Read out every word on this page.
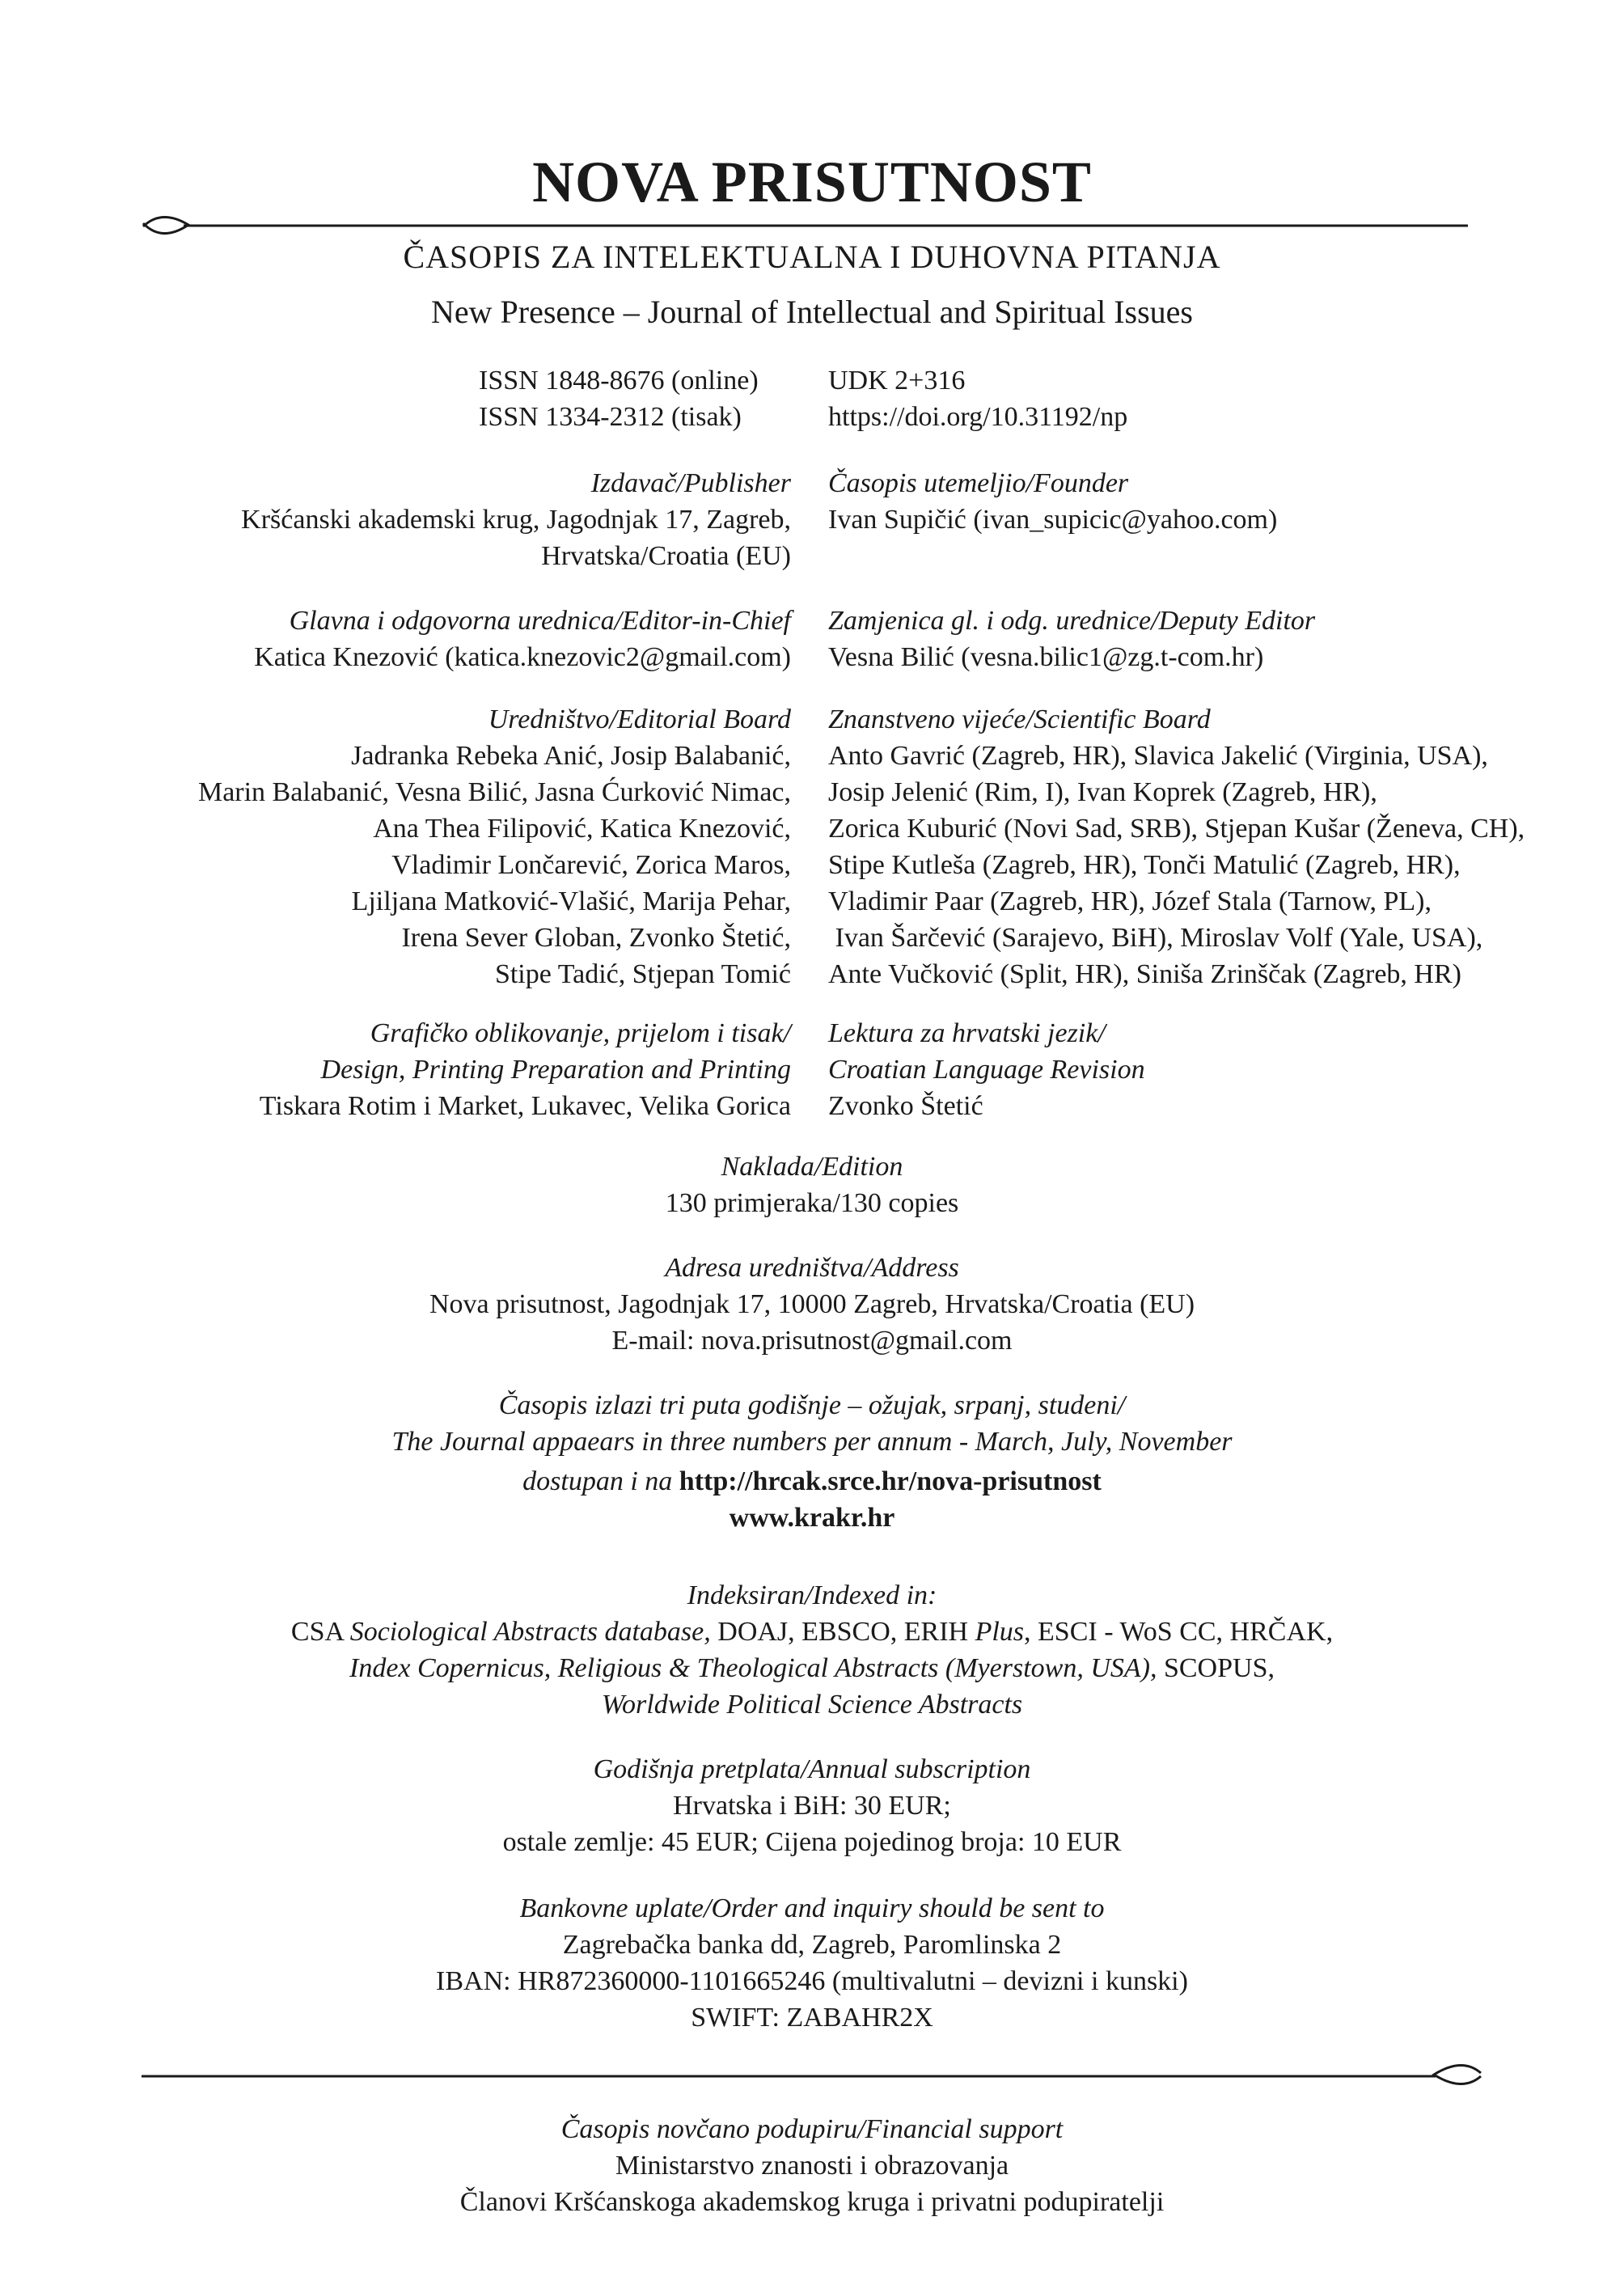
NOVA PRISUTNOST
ČASOPIS ZA INTELEKTUALNA I DUHOVNA PITANJA
New Presence – Journal of Intellectual and Spiritual Issues
ISSN 1848-8676 (online)
ISSN 1334-2312 (tisak)
UDK 2+316
https://doi.org/10.31192/np
Izdavač/Publisher
Kršćanski akademski krug, Jagodnjak 17, Zagreb,
Hrvatska/Croatia (EU)
Časopis utemeljio/Founder
Ivan Supičić (ivan_supicic@yahoo.com)
Glavna i odgovorna urednica/Editor-in-Chief
Katica Knezović (katica.knezovic2@gmail.com)
Zamjenica gl. i odg. urednice/Deputy Editor
Vesna Bilić (vesna.bilic1@zg.t-com.hr)
Uredništvo/Editorial Board
Jadranka Rebeka Anić, Josip Balabanić,
Marin Balabanić, Vesna Bilić, Jasna Ćurković Nimac,
Ana Thea Filipović, Katica Knezović,
Vladimir Lončarević, Zorica Maros,
Ljiljana Matković-Vlašić, Marija Pehar,
Irena Sever Globan, Zvonko Štetić,
Stipe Tadić, Stjepan Tomić
Znanstveno vijeće/Scientific Board
Anto Gavrić (Zagreb, HR), Slavica Jakelić (Virginia, USA),
Josip Jelenić (Rim, I), Ivan Koprek (Zagreb, HR),
Zorica Kuburić (Novi Sad, SRB), Stjepan Kušar (Ženeva, CH),
Stipe Kutleša (Zagreb, HR), Tonči Matulić (Zagreb, HR),
Vladimir Paar (Zagreb, HR), Józef Stala (Tarnow, PL),
Ivan Šarčević (Sarajevo, BiH), Miroslav Volf (Yale, USA),
Ante Vučković (Split, HR), Siniša Zrinščak (Zagreb, HR)
Grafičko oblikovanje, prijelom i tisak/
Design, Printing Preparation and Printing
Tiskara Rotim i Market, Lukavec, Velika Gorica
Lektura za hrvatski jezik/
Croatian Language Revision
Zvonko Štetić
Naklada/Edition
130 primjeraka/130 copies
Adresa uredništva/Address
Nova prisutnost, Jagodnjak 17, 10000 Zagreb, Hrvatska/Croatia (EU)
E-mail: nova.prisutnost@gmail.com
Časopis izlazi tri puta godišnje – ožujak, srpanj, studeni/
The Journal appaears in three numbers per annum - March, July, November
dostupan i na http://hrcak.srce.hr/nova-prisutnost
www.krakr.hr
Indeksiran/Indexed in:
CSA Sociological Abstracts database, DOAJ, EBSCO, ERIH Plus, ESCI - WoS CC, HRČAK,
Index Copernicus, Religious & Theological Abstracts (Myerstown, USA), SCOPUS,
Worldwide Political Science Abstracts
Godišnja pretplata/Annual subscription
Hrvatska i BiH: 30 EUR;
ostale zemlje: 45 EUR; Cijena pojedinog broja: 10 EUR
Bankovne uplate/Order and inquiry should be sent to
Zagrebačka banka dd, Zagreb, Paromlinska 2
IBAN: HR872360000-1101665246 (multivalutni – devizni i kunski)
SWIFT: ZABAHR2X
Časopis novčano podupiru/Financial support
Ministarstvo znanosti i obrazovanja
Članovi Kršćanskoga akademskog kruga i privatni podupiratelji
